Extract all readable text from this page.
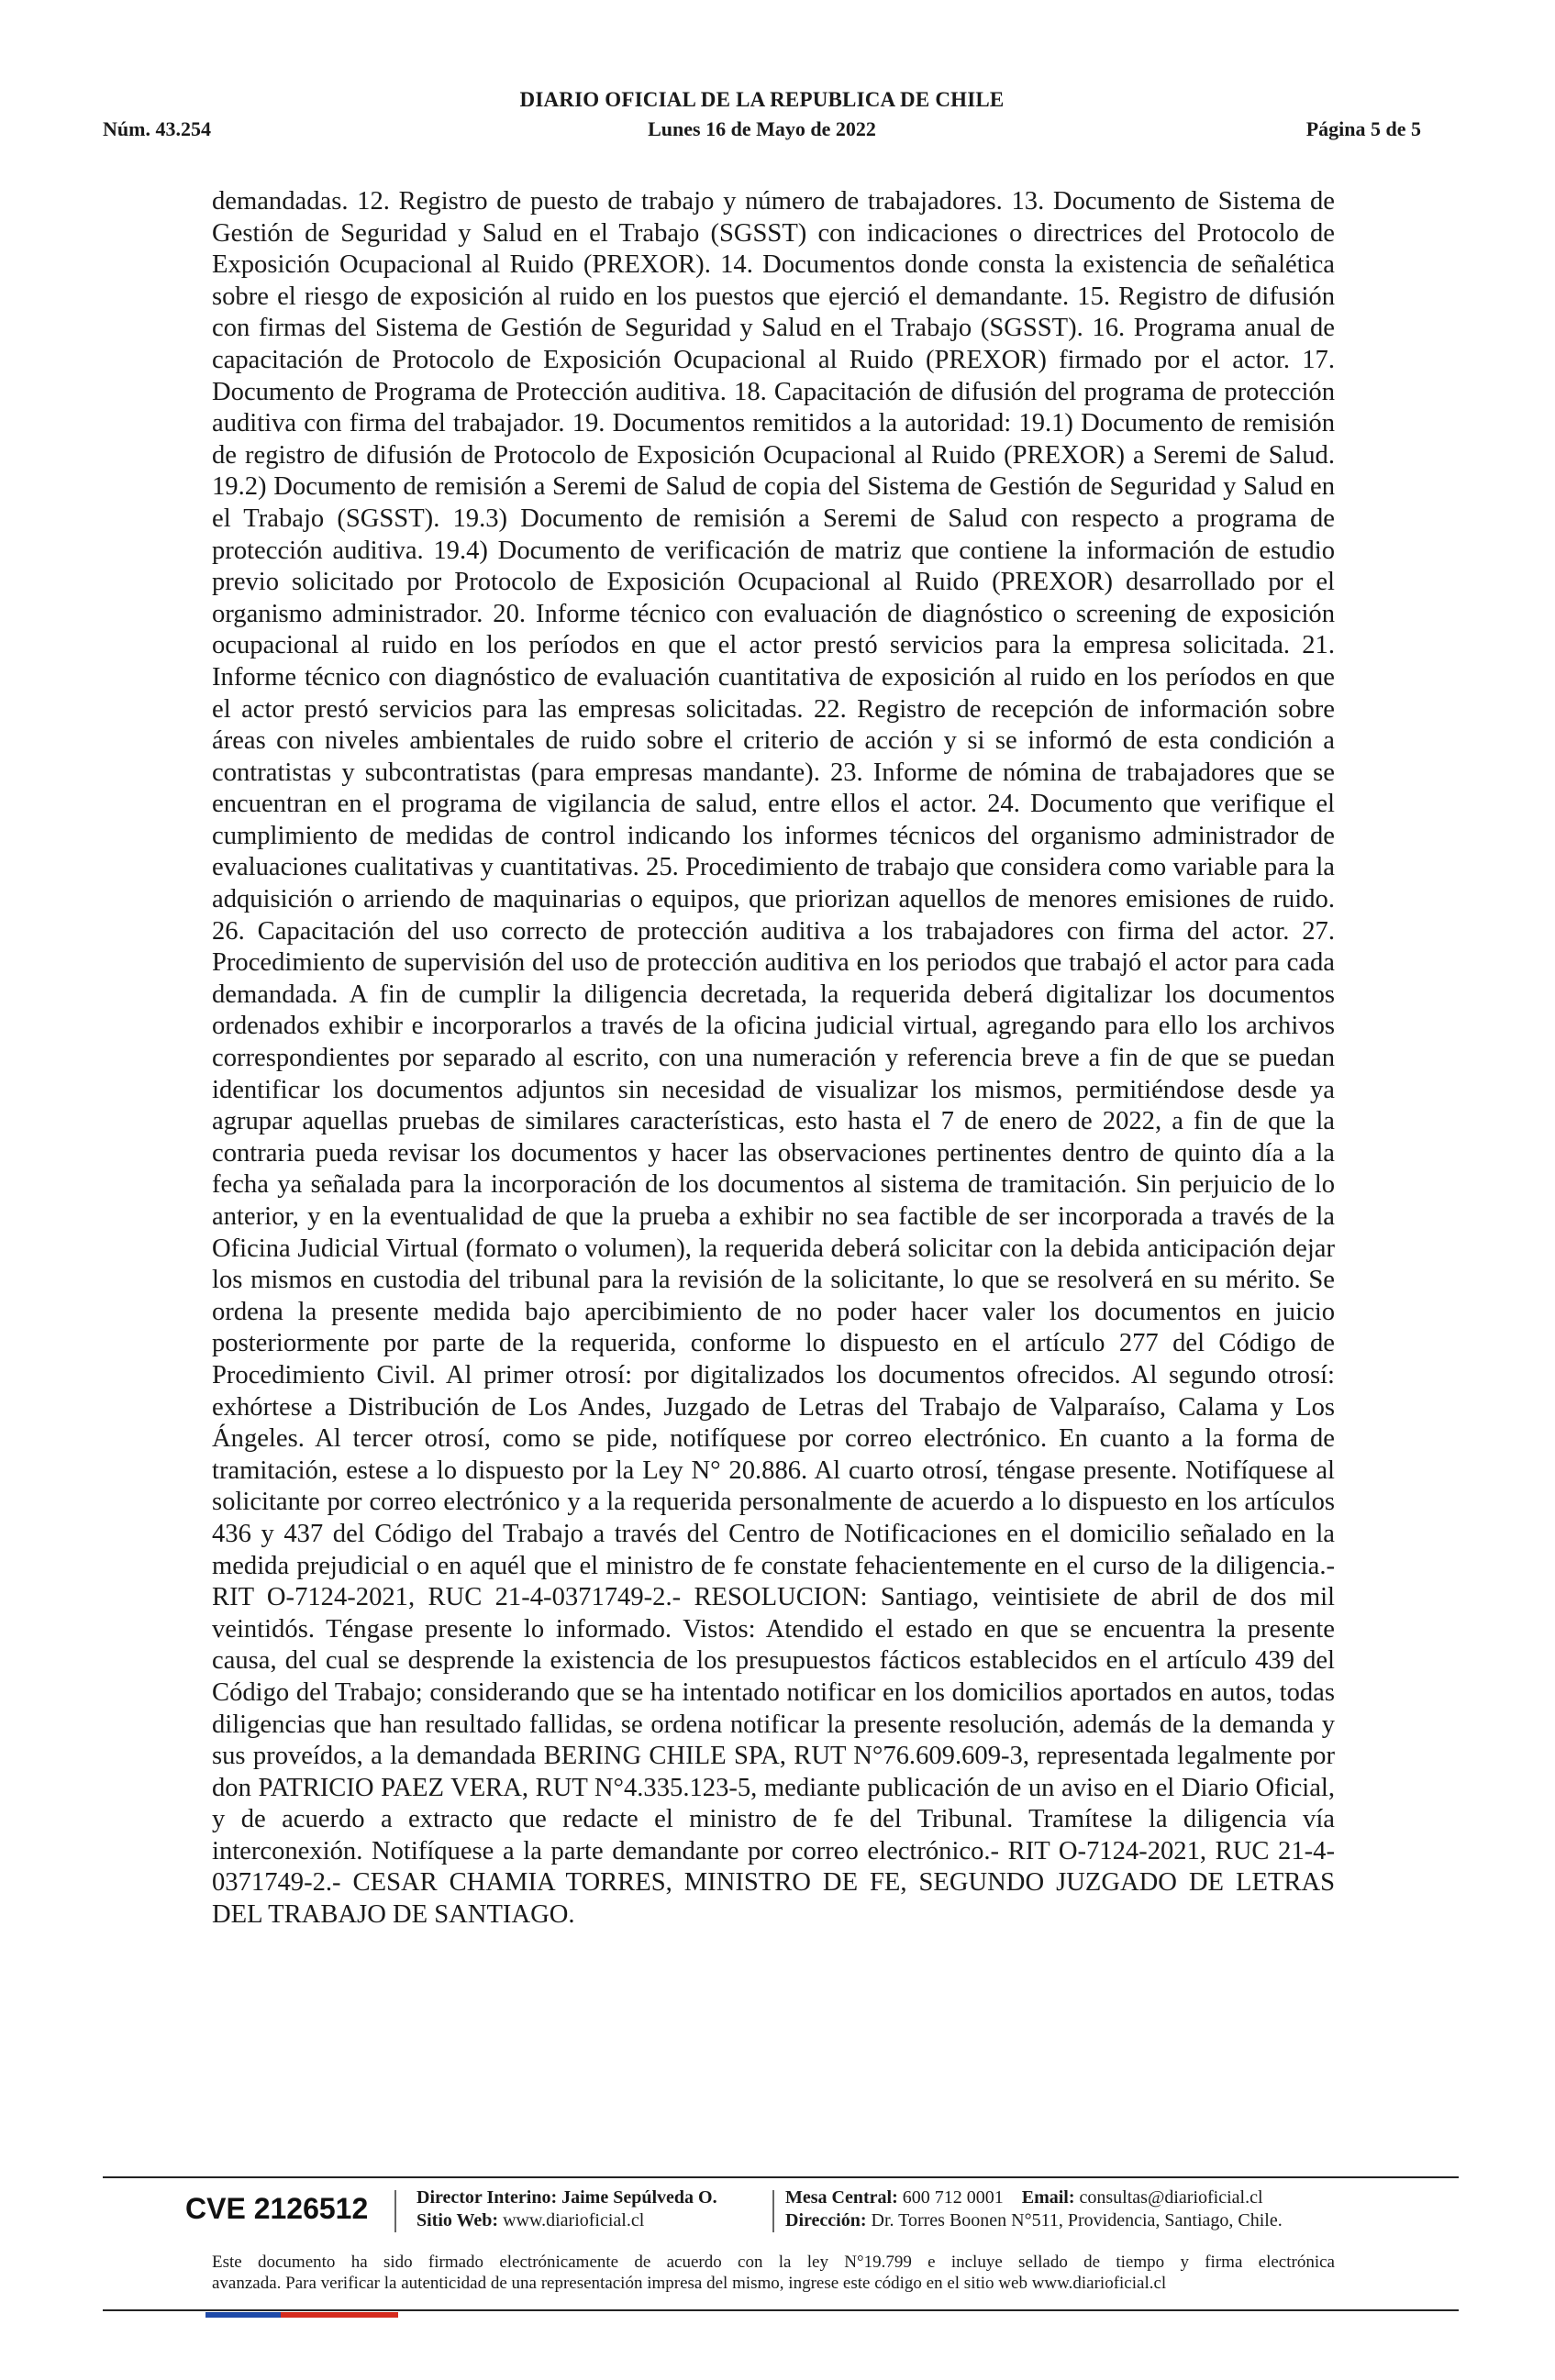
DIARIO OFICIAL DE LA REPUBLICA DE CHILE
Núm. 43.254	Lunes 16 de Mayo de 2022	Página 5 de 5

demandadas. 12. Registro de puesto de trabajo y número de trabajadores. 13. Documento de Sistema de Gestión de Seguridad y Salud en el Trabajo (SGSST) con indicaciones o directrices del Protocolo de Exposición Ocupacional al Ruido (PREXOR). 14. Documentos donde consta la existencia de señalética sobre el riesgo de exposición al ruido en los puestos que ejerció el demandante. 15. Registro de difusión con firmas del Sistema de Gestión de Seguridad y Salud en el Trabajo (SGSST). 16. Programa anual de capacitación de Protocolo de Exposición Ocupacional al Ruido (PREXOR) firmado por el actor. 17. Documento de Programa de Protección auditiva. 18. Capacitación de difusión del programa de protección auditiva con firma del trabajador. 19. Documentos remitidos a la autoridad: 19.1) Documento de remisión de registro de difusión de Protocolo de Exposición Ocupacional al Ruido (PREXOR) a Seremi de Salud. 19.2) Documento de remisión a Seremi de Salud de copia del Sistema de Gestión de Seguridad y Salud en el Trabajo (SGSST). 19.3) Documento de remisión a Seremi de Salud con respecto a programa de protección auditiva. 19.4) Documento de verificación de matriz que contiene la información de estudio previo solicitado por Protocolo de Exposición Ocupacional al Ruido (PREXOR) desarrollado por el organismo administrador. 20. Informe técnico con evaluación de diagnóstico o screening de exposición ocupacional al ruido en los períodos en que el actor prestó servicios para la empresa solicitada. 21. Informe técnico con diagnóstico de evaluación cuantitativa de exposición al ruido en los períodos en que el actor prestó servicios para las empresas solicitadas. 22. Registro de recepción de información sobre áreas con niveles ambientales de ruido sobre el criterio de acción y si se informó de esta condición a contratistas y subcontratistas (para empresas mandante). 23. Informe de nómina de trabajadores que se encuentran en el programa de vigilancia de salud, entre ellos el actor. 24. Documento que verifique el cumplimiento de medidas de control indicando los informes técnicos del organismo administrador de evaluaciones cualitativas y cuantitativas. 25. Procedimiento de trabajo que considera como variable para la adquisición o arriendo de maquinarias o equipos, que priorizan aquellos de menores emisiones de ruido. 26. Capacitación del uso correcto de protección auditiva a los trabajadores con firma del actor. 27. Procedimiento de supervisión del uso de protección auditiva en los periodos que trabajó el actor para cada demandada. A fin de cumplir la diligencia decretada, la requerida deberá digitalizar los documentos ordenados exhibir e incorporarlos a través de la oficina judicial virtual, agregando para ello los archivos correspondientes por separado al escrito, con una numeración y referencia breve a fin de que se puedan identificar los documentos adjuntos sin necesidad de visualizar los mismos, permitiéndose desde ya agrupar aquellas pruebas de similares características, esto hasta el 7 de enero de 2022, a fin de que la contraria pueda revisar los documentos y hacer las observaciones pertinentes dentro de quinto día a la fecha ya señalada para la incorporación de los documentos al sistema de tramitación. Sin perjuicio de lo anterior, y en la eventualidad de que la prueba a exhibir no sea factible de ser incorporada a través de la Oficina Judicial Virtual (formato o volumen), la requerida deberá solicitar con la debida anticipación dejar los mismos en custodia del tribunal para la revisión de la solicitante, lo que se resolverá en su mérito. Se ordena la presente medida bajo apercibimiento de no poder hacer valer los documentos en juicio posteriormente por parte de la requerida, conforme lo dispuesto en el artículo 277 del Código de Procedimiento Civil. Al primer otrosí: por digitalizados los documentos ofrecidos. Al segundo otrosí: exhórtese a Distribución de Los Andes, Juzgado de Letras del Trabajo de Valparaíso, Calama y Los Ángeles. Al tercer otrosí, como se pide, notifíquese por correo electrónico. En cuanto a la forma de tramitación, estese a lo dispuesto por la Ley N° 20.886. Al cuarto otrosí, téngase presente. Notifíquese al solicitante por correo electrónico y a la requerida personalmente de acuerdo a lo dispuesto en los artículos 436 y 437 del Código del Trabajo a través del Centro de Notificaciones en el domicilio señalado en la medida prejudicial o en aquél que el ministro de fe constate fehacientemente en el curso de la diligencia.- RIT O-7124-2021, RUC 21-4-0371749-2.- RESOLUCION: Santiago, veintisiete de abril de dos mil veintidós. Téngase presente lo informado. Vistos: Atendido el estado en que se encuentra la presente causa, del cual se desprende la existencia de los presupuestos fácticos establecidos en el artículo 439 del Código del Trabajo; considerando que se ha intentado notificar en los domicilios aportados en autos, todas diligencias que han resultado fallidas, se ordena notificar la presente resolución, además de la demanda y sus proveídos, a la demandada BERING CHILE SPA, RUT N°76.609.609-3, representada legalmente por don PATRICIO PAEZ VERA, RUT N°4.335.123-5, mediante publicación de un aviso en el Diario Oficial, y de acuerdo a extracto que redacte el ministro de fe del Tribunal. Tramítese la diligencia vía interconexión. Notifíquese a la parte demandante por correo electrónico.- RIT O-7124-2021, RUC 21-4-0371749-2.- CESAR CHAMIA TORRES, MINISTRO DE FE, SEGUNDO JUZGADO DE LETRAS DEL TRABAJO DE SANTIAGO.

CVE 2126512	Director Interino: Jaime Sepúlveda O.
Sitio Web: www.diarioficial.cl
Mesa Central: 600 712 0001 Email: consultas@diarioficial.cl
Dirección: Dr. Torres Boonen N°511, Providencia, Santiago, Chile.
Este documento ha sido firmado electrónicamente de acuerdo con la ley N°19.799 e incluye sellado de tiempo y firma electrónica
avanzada. Para verificar la autenticidad de una representación impresa del mismo, ingrese este código en el sitio web www.diarioficial.cl
